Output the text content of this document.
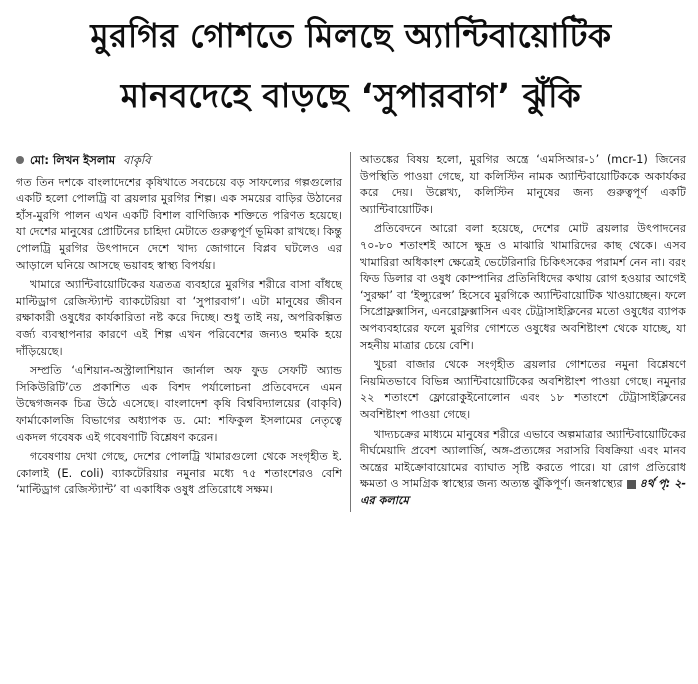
মুরগির গোশতে মিলছে অ্যান্টিবায়োটিক
মানবদেহে বাড়ছে ‘সুপারবাগ’ ঝুঁকি
মো: লিখন ইসলাম বাকৃবি

গত তিন দশকে বাংলাদেশের কৃষিখাতে সবচেয়ে বড় সাফল্যের গল্পগুলোর একটি হলো পোলট্রি বা ব্রয়লার মুরগির শিল্প। এক সময়ের বাড়ির উঠানের হাঁস-মুরগি পালন এখন একটি বিশাল বাণিজ্যিক শক্তিতে পরিণত হয়েছে। যা দেশের মানুষের প্রোটিনের চাহিদা মেটাতে গুরুত্বপূর্ণ ভূমিকা রাখছে। কিন্তু পোলট্রি মুরগির উৎপাদনে দেশে খাদ্য জোগানে বিপ্লব ঘটলেও এর আড়ালে ঘনিয়ে আসছে ভয়াবহ স্বাস্থ্য বিপর্যয়।

খামারে অ্যান্টিবায়োটিকের যত্রতত্র ব্যবহারে মুরগির শরীরে বাসা বাঁধছে মাল্টিড্রাগ রেজিস্ট্যান্ট ব্যাকটেরিয়া বা ‘সুপারবাগ’। এটা মানুষের জীবন রক্ষাকারী ওষুধের কার্যকারিতা নষ্ট করে দিচ্ছে। শুধু তাই নয়, অপরিকল্পিত বর্জ্য ব্যবস্থাপনার কারণে এই শিল্প এখন পরিবেশের জন্যও হুমকি হয়ে দাঁড়িয়েছে।

সম্প্রতি ‘এশিয়ান-অস্ট্রালাশিয়ান জার্নাল অফ ফুড সেফটি অ্যান্ড সিকিউরিটি’তে প্রকাশিত এক বিশদ পর্যালোচনা প্রতিবেদনে এমন উদ্বেগজনক চিত্র উঠে এসেছে। বাংলাদেশ কৃষি বিশ্ববিদ্যালয়ের (বাকৃবি) ফার্মাকোলজি বিভাগের অধ্যাপক ড. মো: শফিকুল ইসলামের নেতৃত্বে একদল গবেষক এই গবেষণাটি বিশ্লেষণ করেন।

গবেষণায় দেখা গেছে, দেশের পোলট্রি খামারগুলো থেকে সংগৃহীত ই. কোলাই (E. coli) ব্যাকটেরিয়ার নমুনার মধ্যে ৭৫ শতাংশেরও বেশি ‘মাল্টিড্রাগ রেজিস্ট্যান্ট’ বা একাধিক ওষুধ প্রতিরোধে সক্ষম।

আতঙ্কের বিষয় হলো, মুরগির অন্ত্রে ‘এমসিআর-১’ (mcr-1) জিনের উপস্থিতি পাওয়া গেছে, যা কলিস্টিন নামক অ্যান্টিবায়োটিককে অকার্যকর করে দেয়। উল্লেখ্য, কলিস্টিন মানুষের জন্য গুরুত্বপূর্ণ একটি অ্যান্টিবায়োটিক।

প্রতিবেদনে আরো বলা হয়েছে, দেশের মোট ব্রয়লার উৎপাদনের ৭০-৮০ শতাংশই আসে ক্ষুদ্র ও মাঝারি খামারিদের কাছ থেকে। এসব খামারিরা অধিকাংশ ক্ষেত্রেই ভেটেরিনারি চিকিৎসকের পরামর্শ নেন না। বরং ফিড ডিলার বা ওষুধ কোম্পানির প্রতিনিধিদের কথায় রোগ হওয়ার আগেই ‘সুরক্ষা’ বা ‘ইন্স্যুরেন্স’ হিসেবে মুরগিকে অ্যান্টিবায়োটিক খাওয়াচ্ছেন। ফলে সিপ্রোফ্লক্সাসিন, এনরোফ্লক্সাসিন এবং টেট্রাসাইক্লিনের মতো ওষুধের ব্যাপক অপব্যবহারের ফলে মুরগির গোশতে ওষুধের অবশিষ্টাংশ থেকে যাচ্ছে, যা সহনীয় মাত্রার চেয়ে বেশি।

খুচরা বাজার থেকে সংগৃহীত ব্রয়লার গোশতের নমুনা বিশ্লেষণে নিয়মিতভাবে বিভিন্ন অ্যান্টিবায়োটিকের অবশিষ্টাংশ পাওয়া গেছে। নমুনার ২২ শতাংশে ফ্লোরোকুইনোলোন এবং ১৮ শতাংশে টেট্রাসাইক্লিনের অবশিষ্টাংশ পাওয়া গেছে।

খাদ্যচক্রের মাধ্যমে মানুষের শরীরে এভাবে অল্পমাত্রার অ্যান্টিবায়োটিকের দীর্ঘমেয়াদি প্রবেশ অ্যালার্জি, অঙ্গ-প্রত্যঙ্গের সরাসরি বিষক্রিয়া এবং মানব অন্ত্রের মাইক্রোবায়োমের ব্যাঘাত সৃষ্টি করতে পারে। যা রোগ প্রতিরোধ ক্ষমতা ও সামগ্রিক স্বাস্থ্যের জন্য অত্যন্ত ঝুঁকিপূর্ণ। জনস্বাস্থ্যের ৪র্থ পৃ: ২-এর কলামে
